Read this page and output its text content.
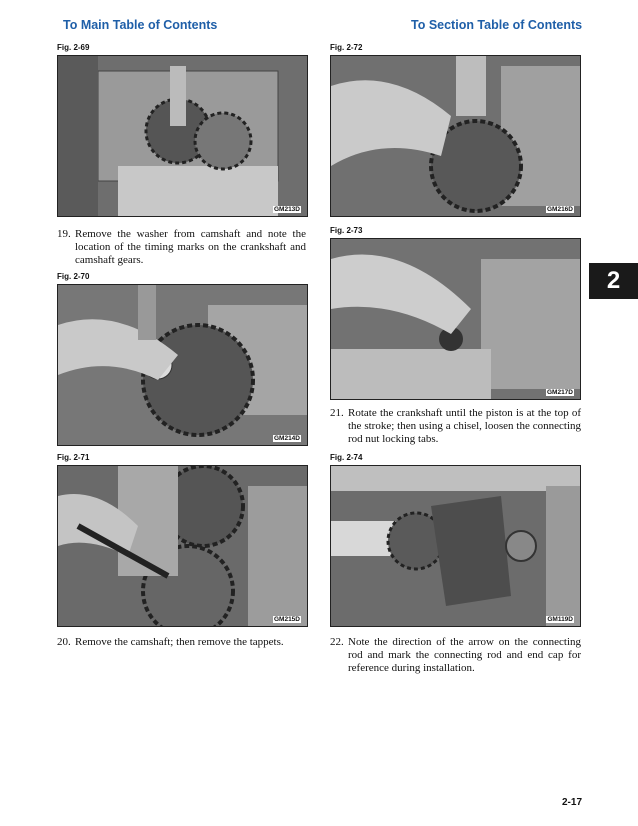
To Main Table of Contents	To Section Table of Contents
Fig. 2-69
GM213D
19. Remove the washer from camshaft and note the location of the timing marks on the crankshaft and camshaft gears.
Fig. 2-70
GM214D
Fig. 2-71
GM215D
20. Remove the camshaft; then remove the tappets.
Fig. 2-72
GM216D
Fig. 2-73
GM217D
21. Rotate the crankshaft until the piston is at the top of the stroke; then using a chisel, loosen the connecting rod nut locking tabs.
Fig. 2-74
GM119D
22. Note the direction of the arrow on the connecting rod and mark the connecting rod and end cap for reference during installation.
2
2-17
